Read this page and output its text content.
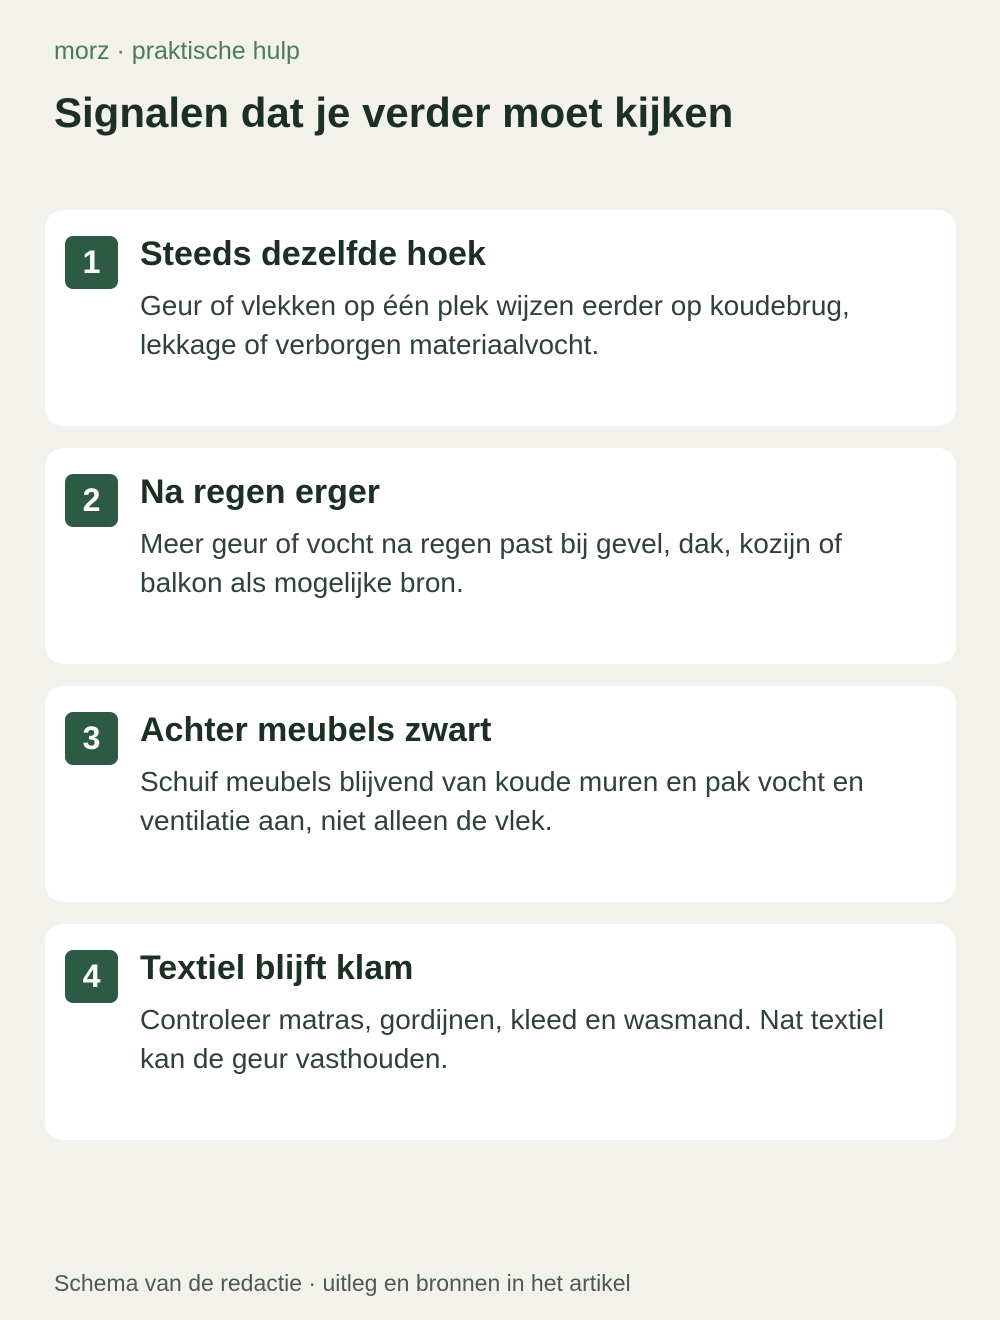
morz · praktische hulp
Signalen dat je verder moet kijken
1	Steeds dezelfde hoek

Geur of vlekken op één plek wijzen eerder op koudebrug, lekkage of verborgen materiaalvocht.

2	Na regen erger

Meer geur of vocht na regen past bij gevel, dak, kozijn of balkon als mogelijke bron.

3	Achter meubels zwart

Schuif meubels blijvend van koude muren en pak vocht en ventilatie aan, niet alleen de vlek.

4	Textiel blijft klam

Controleer matras, gordijnen, kleed en wasmand. Nat textiel kan de geur vasthouden.

Schema van de redactie · uitleg en bronnen in het artikel
